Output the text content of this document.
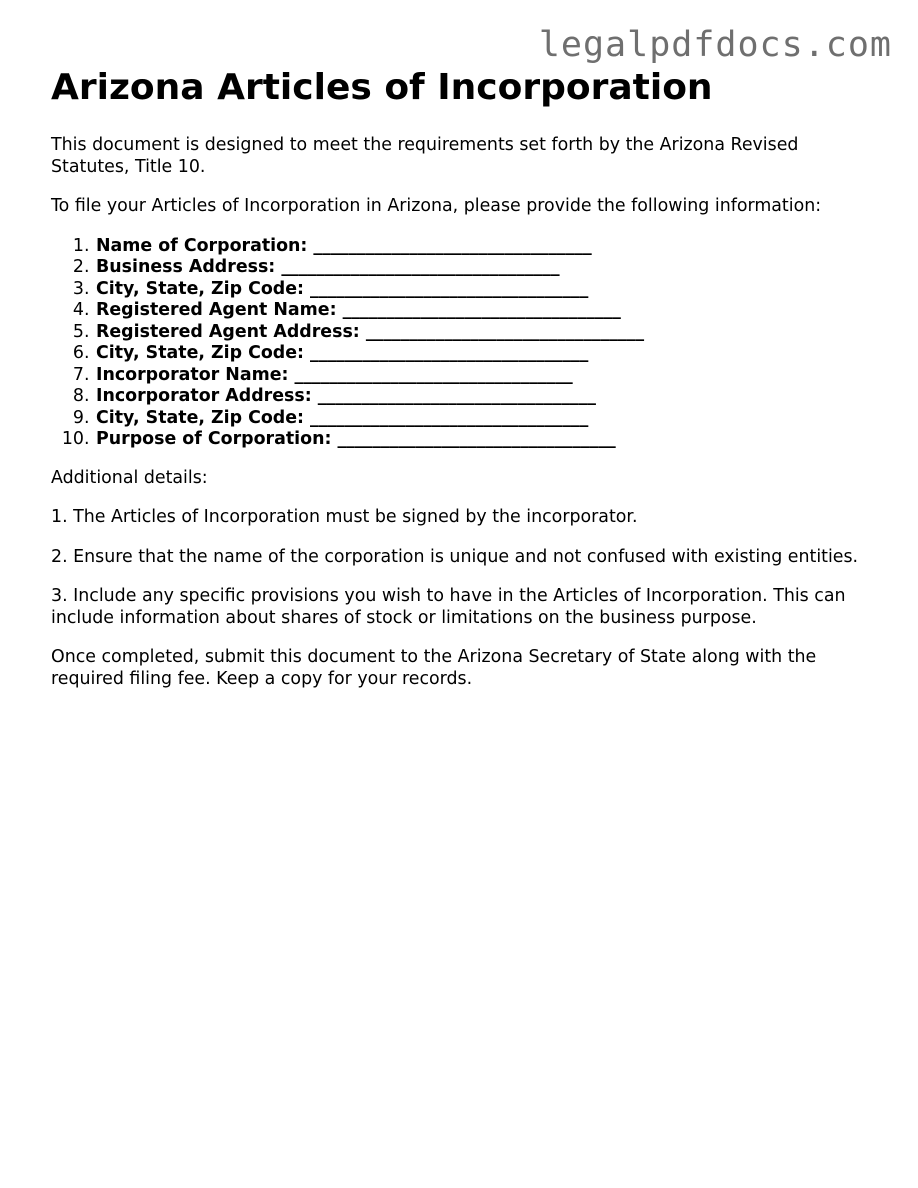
legalpdfdocs.com
Arizona Articles of Incorporation

This document is designed to meet the requirements set forth by the Arizona Revised Statutes, Title 10.

To file your Articles of Incorporation in Arizona, please provide the following information:

1. Name of Corporation: ________________________________
2. Business Address: ________________________________
3. City, State, Zip Code: ________________________________
4. Registered Agent Name: ________________________________
5. Registered Agent Address: ________________________________
6. City, State, Zip Code: ________________________________
7. Incorporator Name: ________________________________
8. Incorporator Address: ________________________________
9. City, State, Zip Code: ________________________________
10. Purpose of Corporation: ________________________________

Additional details:

1. The Articles of Incorporation must be signed by the incorporator.

2. Ensure that the name of the corporation is unique and not confused with existing entities.

3. Include any specific provisions you wish to have in the Articles of Incorporation. This can include information about shares of stock or limitations on the business purpose.

Once completed, submit this document to the Arizona Secretary of State along with the required filing fee. Keep a copy for your records.
